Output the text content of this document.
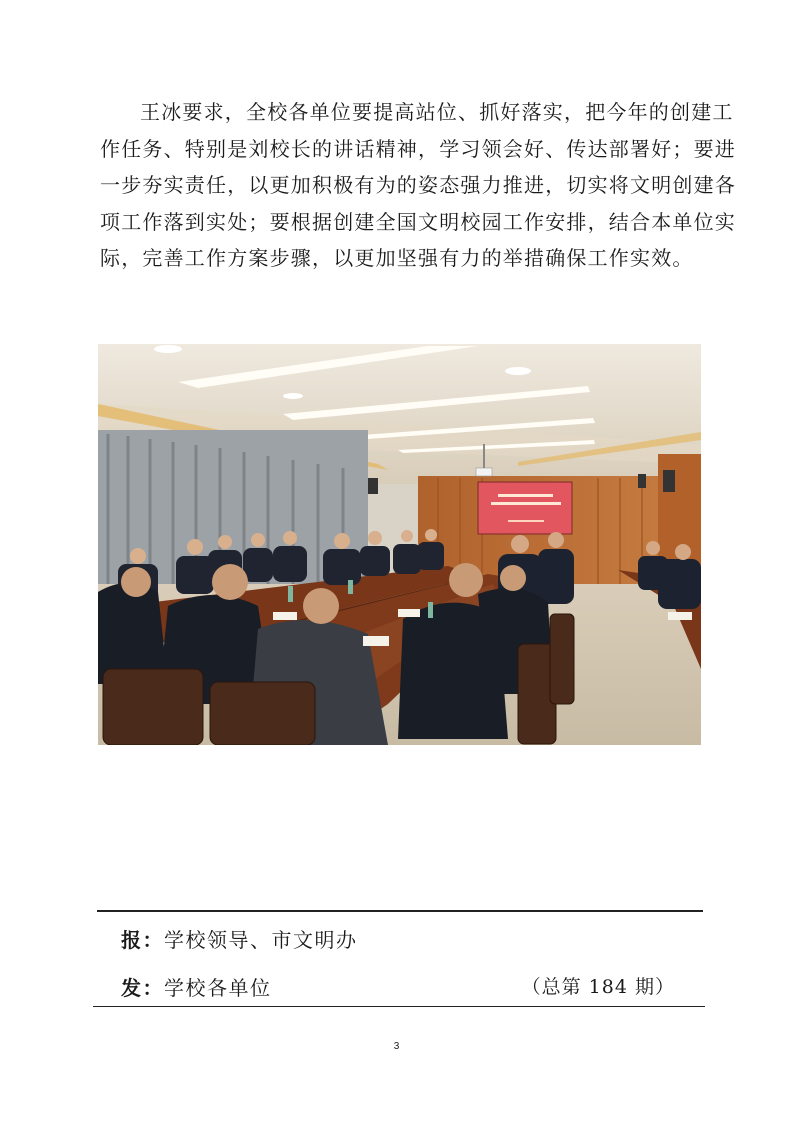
王冰要求，全校各单位要提高站位、抓好落实，把今年的创建工
作任务、特别是刘校长的讲话精神，学习领会好、传达部署好；要进
一步夯实责任，以更加积极有为的姿态强力推进，切实将文明创建各
项工作落到实处；要根据创建全国文明校园工作安排，结合本单位实
际，完善工作方案步骤，以更加坚强有力的举措确保工作实效。
报：学校领导、市文明办
发：学校各单位	（总第 184 期）
3
